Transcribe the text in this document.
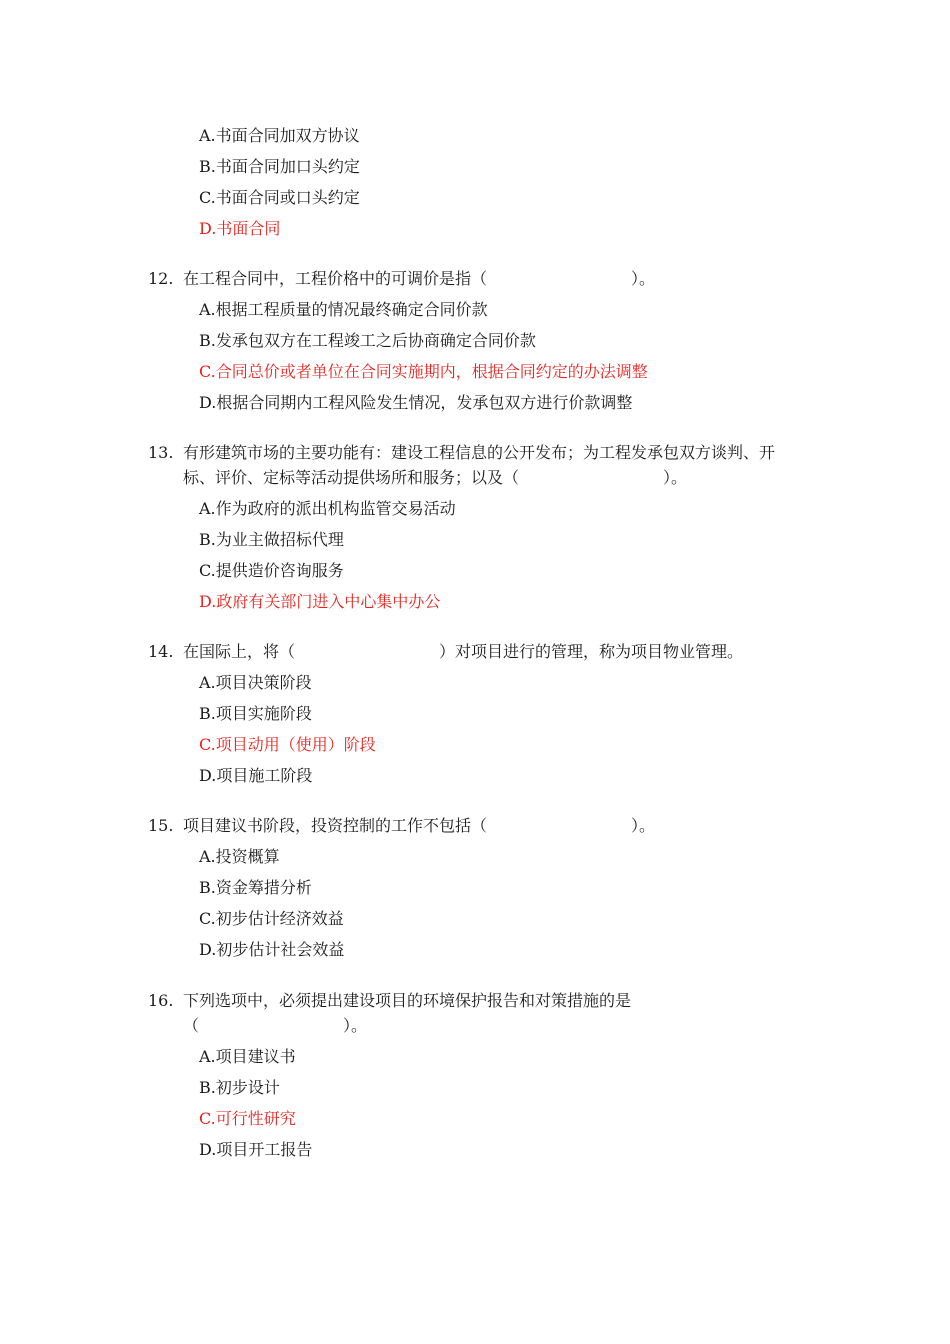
A.书面合同加双方协议
B.书面合同加口头约定
C.书面合同或口头约定
D.书面合同
12. 在工程合同中，工程价格中的可调价是指（　　　　　　　　　）。
A.根据工程质量的情况最终确定合同价款
B.发承包双方在工程竣工之后协商确定合同价款
C.合同总价或者单位在合同实施期内，根据合同约定的办法调整
D.根据合同期内工程风险发生情况，发承包双方进行价款调整
13. 有形建筑市场的主要功能有：建设工程信息的公开发布；为工程发承包双方谈判、开
标、评价、定标等活动提供场所和服务；以及（　　　　　　　　　）。
A.作为政府的派出机构监管交易活动
B.为业主做招标代理
C.提供造价咨询服务
D.政府有关部门进入中心集中办公
14. 在国际上，将（　　　　　　　　　）对项目进行的管理，称为项目物业管理。
A.项目决策阶段
B.项目实施阶段
C.项目动用（使用）阶段
D.项目施工阶段
15. 项目建议书阶段，投资控制的工作不包括（　　　　　　　　　）。
A.投资概算
B.资金筹措分析
C.初步估计经济效益
D.初步估计社会效益
16. 下列选项中，必须提出建设项目的环境保护报告和对策措施的是
（　　　　　　　　　）。
A.项目建议书
B.初步设计
C.可行性研究
D.项目开工报告
